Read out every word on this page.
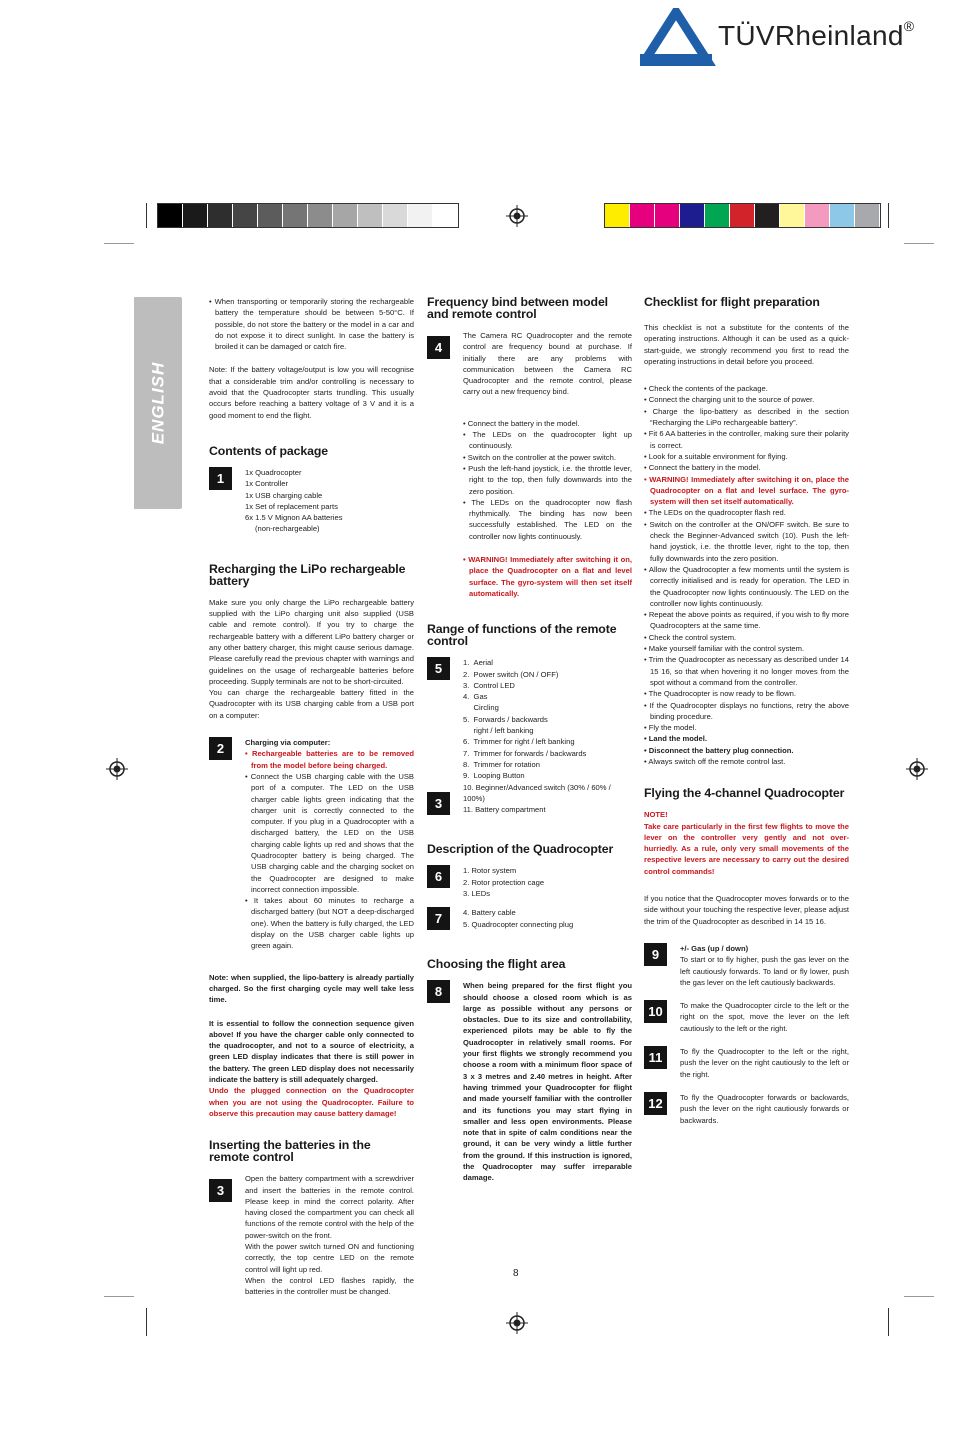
TÜVRheinland®
ENGLISH
• When transporting or temporarily storing the rechargeable battery the temperature should be between 5-50°C. If possible, do not store the battery or the model in a car and do not expose it to direct sunlight. In case the battery is broiled it can be damaged or catch fire.

Note: If the battery voltage/output is low you will recognise that a considerable trim and/or controlling is necessary to avoid that the Quadrocopter starts trundling. This usually occurs before reaching a battery voltage of 3 V and it is a good moment to end the flight.

Contents of package
1	1x Quadrocopter
1x Controller
1x USB charging cable
1x Set of replacement parts
6x 1.5 V Mignon AA batteries
(non-rechargeable)
Recharging the LiPo rechargeable battery

Make sure you only charge the LiPo rechargeable battery supplied with the LiPo charging unit also supplied (USB cable and remote control). If you try to charge the rechargeable battery with a different LiPo battery charger or any other battery charger, this might cause serious damage. Please carefully read the previous chapter with warnings and guidelines on the usage of rechargeable batteries before proceeding. Supply terminals are not to be short-circuited.

You can charge the rechargeable battery fitted in the Quadrocopter with its USB charging cable from a USB port on a computer:

2	Charging via computer:
• Rechargeable batteries are to be removed from the model before being charged.
• Connect the USB charging cable with the USB port of a computer. The LED on the USB charger cable lights green indicating that the charger unit is correctly connected to the computer. If you plug in a Quadrocopter with a discharged battery, the LED on the USB charging cable lights up red and shows that the Quadrocopter battery is being charged. The USB charging cable and the charging socket on the Quadrocopter are designed to make incorrect connection impossible.
• It takes about 60 minutes to recharge a discharged battery (but NOT a deep-discharged one). When the battery is fully charged, the LED display on the USB charger cable lights up green again.

Note: when supplied, the lipo-battery is already partially charged. So the first charging cycle may well take less time.

It is essential to follow the connection sequence given above! If you have the charger cable only connected to the quadrocopter, and not to a source of electricity, a green LED display indicates that there is still power in the battery. The green LED display does not necessarily indicate the battery is still adequately charged.

Undo the plugged connection on the Quadrocopter when you are not using the Quadrocopter. Failure to observe this precaution may cause battery damage!

Inserting the batteries in the remote control
3

Open the battery compartment with a screwdriver and insert the batteries in the remote control. Please keep in mind the correct polarity. After having closed the compartment you can check all functions of the remote control with the help of the power-switch on the front.

With the power switch turned ON and functioning correctly, the top centre LED on the remote control will light up red.

When the control LED flashes rapidly, the batteries in the controller must be changed.

Frequency bind between model and remote control
4

The Camera RC Quadrocopter and the remote control are frequency bound at purchase. If initially there are any problems with communication between the Camera RC Quadrocopter and the remote control, please carry out a new frequency bind.

• Connect the battery in the model.
• The LEDs on the quadrocopter light up continuously.
• Switch on the controller at the power switch.
• Push the left-hand joystick, i.e. the throttle lever, right to the top, then fully downwards into the zero position.
• The LEDs on the quadrocopter now flash rhythmically. The binding has now been successfully established. The LED on the controller now lights continuously.
• WARNING! Immediately after switching it on, place the Quadrocopter on a flat and level surface. The gyro-system will then set itself automatically.
Range of functions of the remote control
5
3
1.  Aerial
2.  Power switch (ON / OFF)
3.  Control LED
4.  Gas
Circling
5.  Forwards / backwards
right / left banking
6.  Trimmer for right / left banking
7.  Trimmer for forwards / backwards
8.  Trimmer for rotation
9.  Looping Button
10. Beginner/Advanced switch (30% / 60% / 100%)
11. Battery compartment
Description of the Quadrocopter
6	1. Rotor system
2. Rotor protection cage
3. LEDs
7	4. Battery cable
5. Quadrocopter connecting plug
Choosing the flight area
8	When being prepared for the first flight you should choose a closed room which is as large as possible without any persons or obstacles. Due to its size and controllability, experienced pilots may be able to fly the Quadrocopter in relatively small rooms. For your first flights we strongly recommend you choose a room with a minimum floor space of 3 x 3 metres and 2.40 metres in height. After having trimmed your Quadrocopter for flight and made yourself familiar with the controller and its functions you may start flying in smaller and less open environments. Please note that in spite of calm conditions near the ground, it can be very windy a little further from the ground. If this instruction is ignored, the Quadrocopter may suffer irreparable damage.

Checklist for flight preparation

This checklist is not a substitute for the contents of the operating instructions. Although it can be used as a quick-start-guide, we strongly recommend you first to read the operating instructions in detail before you proceed.

• Check the contents of the package.
• Connect the charging unit to the source of power.
• Charge the lipo-battery as described in the section “Recharging the LiPo rechargeable battery”.
• Fit 6 AA batteries in the controller, making sure their polarity is correct.
• Look for a suitable environment for flying.
• Connect the battery in the model.
• WARNING! Immediately after switching it on, place the Quadrocopter on a flat and level surface. The gyro-system will then set itself automatically.
• The LEDs on the quadrocopter flash red.
• Switch on the controller at the ON/OFF switch. Be sure to check the Beginner-Advanced switch (10). Push the left-hand joystick, i.e. the throttle lever, right to the top, then fully downwards into the zero position.
• Allow the Quadrocopter a few moments until the system is correctly initialised and is ready for operation. The LED in the Quadrocopter now lights continuously. The LED on the controller now lights continuously.
• Repeat the above points as required, if you wish to fly more Quadrocopters at the same time.
• Check the control system.
• Make yourself familiar with the control system.
• Trim the Quadrocopter as necessary as described under 14 15 16, so that when hovering it no longer moves from the spot without a command from the controller.
• The Quadrocopter is now ready to be flown.
• If the Quadrocopter displays no functions, retry the above binding procedure.
• Fly the model.
• Land the model.
• Disconnect the battery plug connection.
• Always switch off the remote control last.
Flying the 4-channel Quadrocopter

NOTE!

Take care particularly in the first few flights to move the lever on the controller very gently and not over-hurriedly. As a rule, only very small movements of the respective levers are necessary to carry out the desired control commands!

If you notice that the Quadrocopter moves forwards or to the side without your touching the respective lever, please adjust the trim of the Quadrocopter as described in 14 15 16.

9	+/- Gas (up / down)

To start or to fly higher, push the gas lever on the left cautiously forwards. To land or fly lower, push the gas lever on the left cautiously backwards.

10	To make the Quadrocopter circle to the left or the right on the spot, move the lever on the left cautiously to the left or the right.

11	To fly the Quadrocopter to the left or the right, push the lever on the right cautiously to the left or the right.

12	To fly the Quadrocopter forwards or backwards, push the lever on the right cautiously forwards or backwards.

8
